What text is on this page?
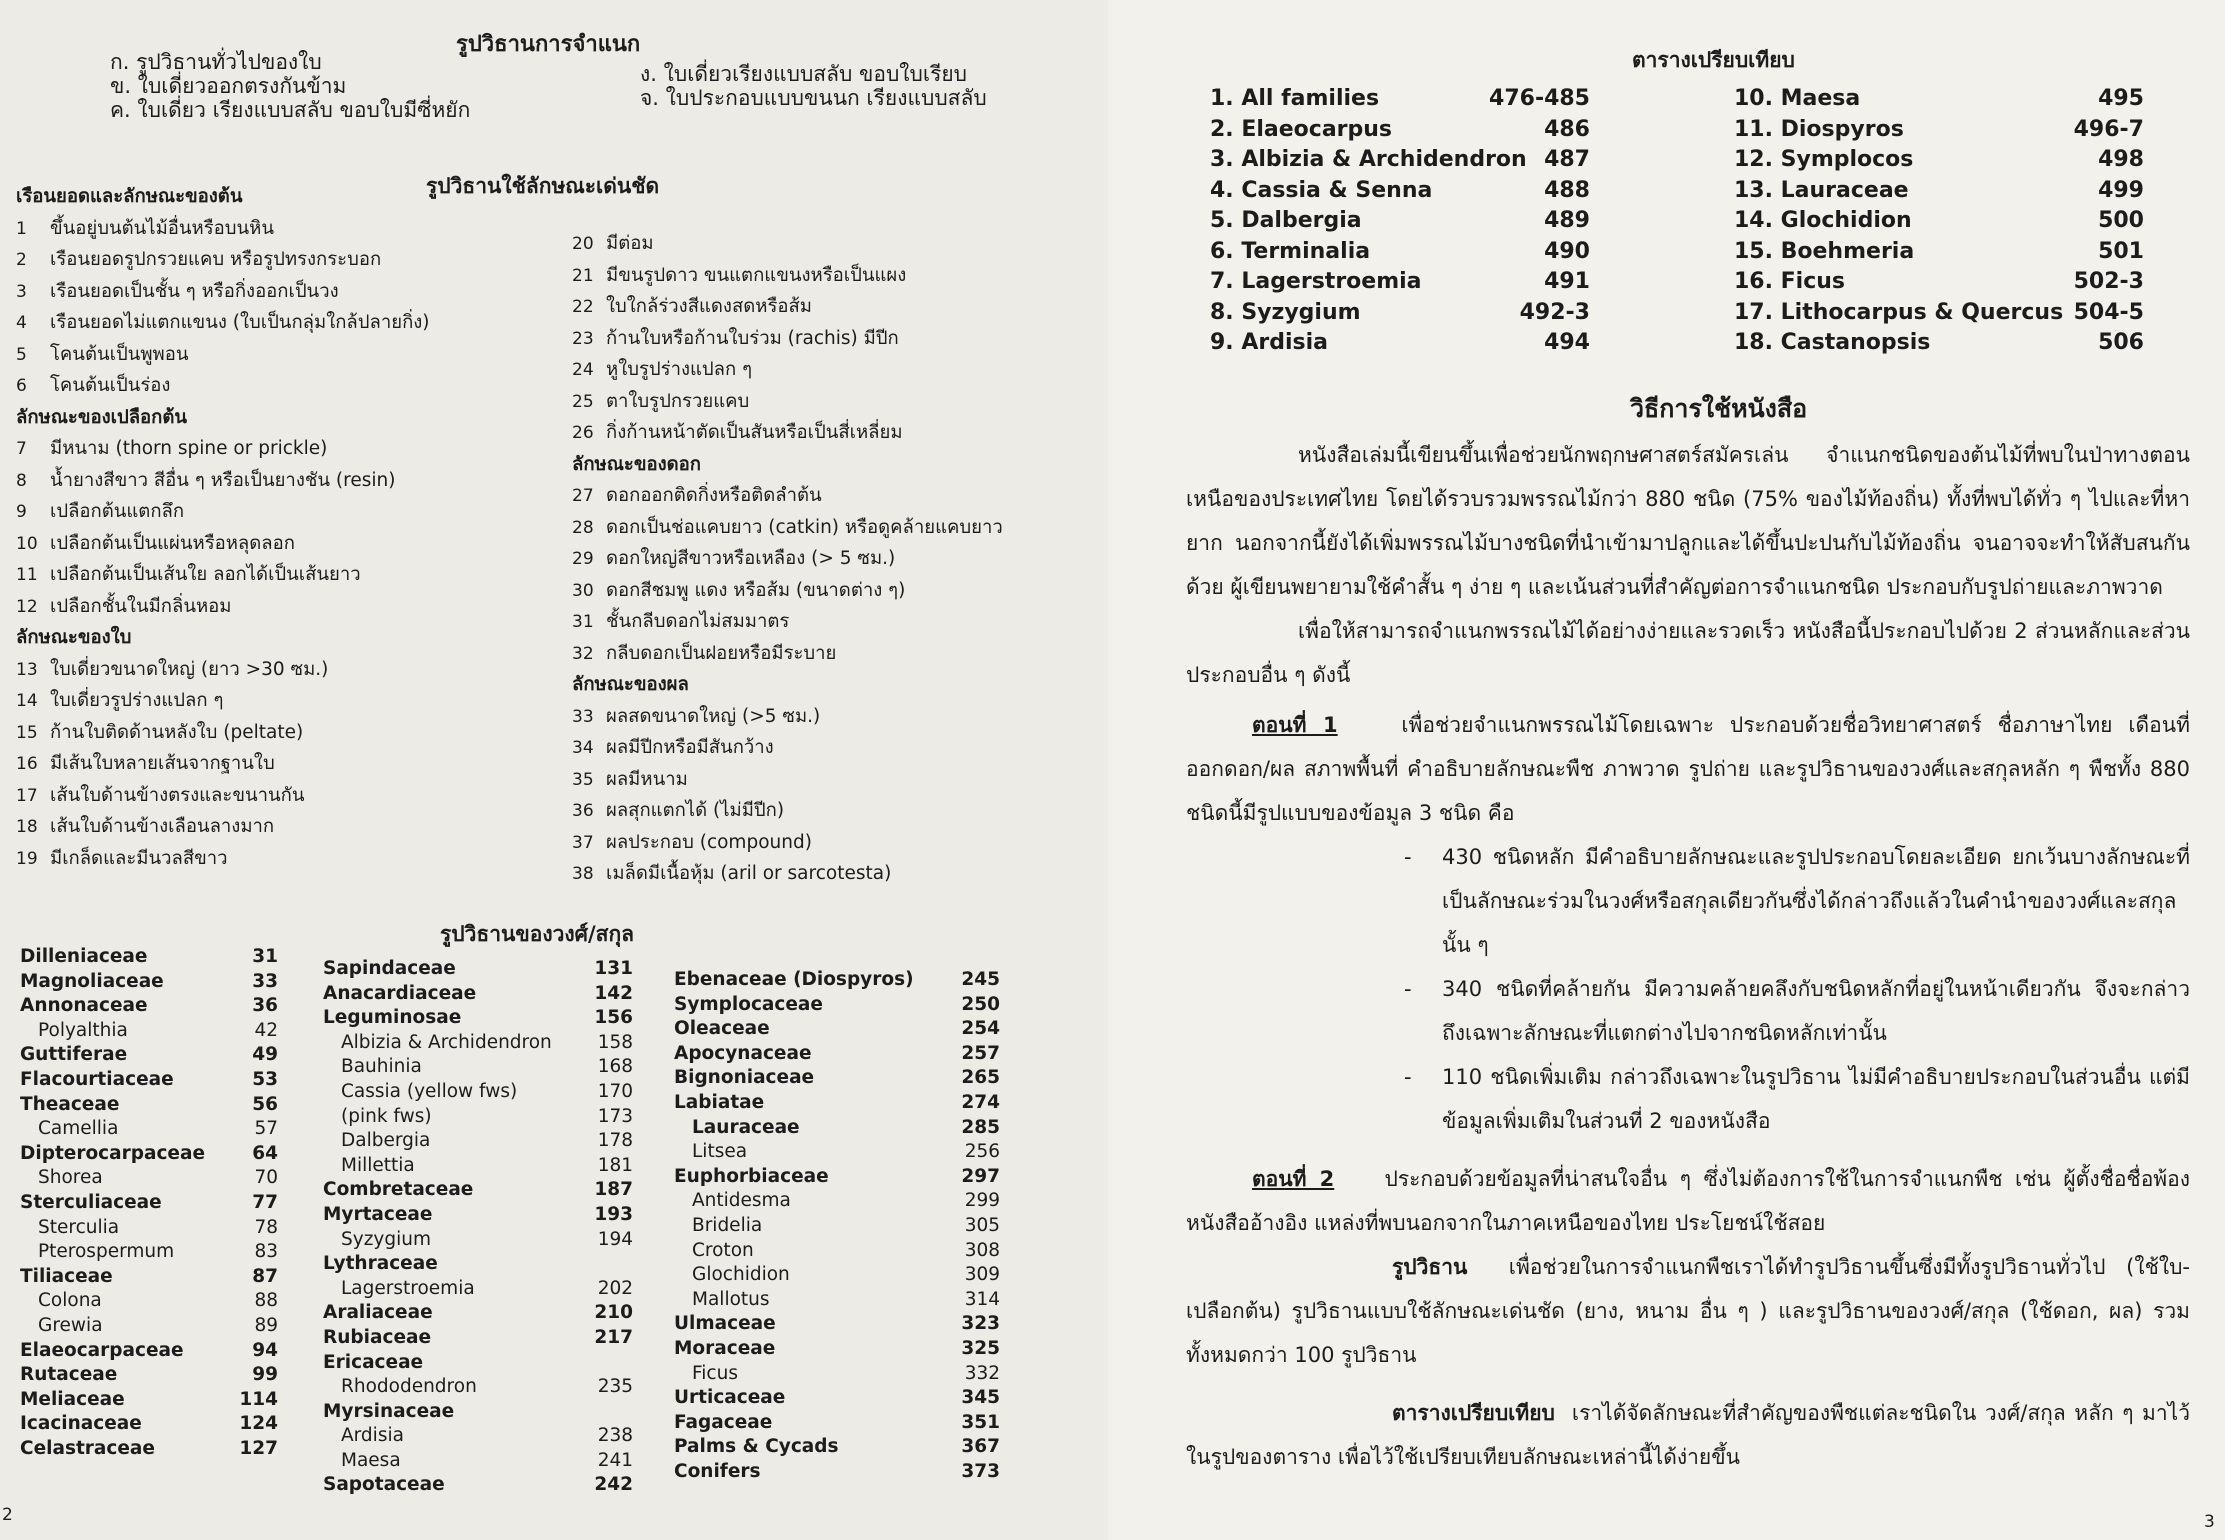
รูปวิธานการจำแนก
ก. รูปวิธานทั่วไปของใบ
ข. ใบเดี่ยวออกตรงกันข้าม
ค. ใบเดี่ยว เรียงแบบสลับ ขอบใบมีซี่หยัก
ง. ใบเดี่ยวเรียงแบบสลับ ขอบใบเรียบ
จ. ใบประกอบแบบขนนก เรียงแบบสลับ
รูปวิธานใช้ลักษณะเด่นชัด
เรือนยอดและลักษณะของต้น
1 ขึ้นอยู่บนต้นไม้อื่นหรือบนหิน
2 เรือนยอดรูปกรวยแคบ หรือรูปทรงกระบอก
3 เรือนยอดเป็นชั้น ๆ หรือกิ่งออกเป็นวง
4 เรือนยอดไม่แตกแขนง (ใบเป็นกลุ่มใกล้ปลายกิ่ง)
5 โคนต้นเป็นพูพอน
6 โคนต้นเป็นร่อง
ลักษณะของเปลือกต้น
7 มีหนาม (thorn spine or prickle)
8 น้ำยางสีขาว สีอื่น ๆ หรือเป็นยางชัน (resin)
9 เปลือกต้นแตกลึก
10 เปลือกต้นเป็นแผ่นหรือหลุดลอก
11 เปลือกต้นเป็นเส้นใย ลอกได้เป็นเส้นยาว
12 เปลือกชั้นในมีกลิ่นหอม
ลักษณะของใบ
13 ใบเดี่ยวขนาดใหญ่ (ยาว >30 ซม.)
14 ใบเดี่ยวรูปร่างแปลก ๆ
15 ก้านใบติดด้านหลังใบ (peltate)
16 มีเส้นใบหลายเส้นจากฐานใบ
17 เส้นใบด้านข้างตรงและขนานกัน
18 เส้นใบด้านข้างเลือนลางมาก
19 มีเกล็ดและมีนวลสีขาว
20 มีต่อม
21 มีขนรูปดาว ขนแตกแขนงหรือเป็นแผง
22 ใบใกล้ร่วงสีแดงสดหรือส้ม
23 ก้านใบหรือก้านใบร่วม (rachis) มีปีก
24 หูใบรูปร่างแปลก ๆ
25 ตาใบรูปกรวยแคบ
26 กิ่งก้านหน้าตัดเป็นสันหรือเป็นสี่เหลี่ยม
ลักษณะของดอก
27 ดอกออกติดกิ่งหรือติดลำต้น
28 ดอกเป็นช่อแคบยาว (catkin) หรือดูคล้ายแคบยาว
29 ดอกใหญ่สีขาวหรือเหลือง (> 5 ซม.)
30 ดอกสีชมพู แดง หรือส้ม (ขนาดต่าง ๆ)
31 ชั้นกลีบดอกไม่สมมาตร
32 กลีบดอกเป็นฝอยหรือมีระบาย
ลักษณะของผล
33 ผลสดขนาดใหญ่ (>5 ซม.)
34 ผลมีปีกหรือมีสันกว้าง
35 ผลมีหนาม
36 ผลสุกแตกได้ (ไม่มีปีก)
37 ผลประกอบ (compound)
38 เมล็ดมีเนื้อหุ้ม (aril or sarcotesta)
รูปวิธานของวงศ์/สกุล
Dilleniaceae	31
Magnoliaceae	33
Annonaceae	36
Polyalthia	42
Guttiferae	49
Flacourtiaceae	53
Theaceae	56
Camellia	57
Dipterocarpaceae	64
Shorea	70
Sterculiaceae	77
Sterculia	78
Pterospermum	83
Tiliaceae	87
Colona	88
Grewia	89
Elaeocarpaceae	94
Rutaceae	99
Meliaceae	114
Icacinaceae	124
Celastraceae	127
Sapindaceae	131
Anacardiaceae	142
Leguminosae	156
Albizia & Archidendron 158
Bauhinia	168
Cassia (yellow fws)	170
(pink fws)	173
Dalbergia	178
Millettia	181
Combretaceae	187
Myrtaceae	193
Syzygium	194
Lythraceae
Lagerstroemia	202
Araliaceae	210
Rubiaceae	217
Ericaceae
Rhododendron	235
Myrsinaceae
Ardisia	238
Maesa	241
Sapotaceae	242
Ebenaceae (Diospyros)	245
Symplocaceae	250
Oleaceae	254
Apocynaceae	257
Bignoniaceae	265
Labiatae	274
Lauraceae	285
Litsea	256
Euphorbiaceae	297
Antidesma	299
Bridelia	305
Croton	308
Glochidion	309
Mallotus	314
Ulmaceae	323
Moraceae	325
Ficus	332
Urticaceae	345
Fagaceae	351
Palms & Cycads	367
Conifers	373
2
ตารางเปรียบเทียบ
1. All families	476-485
2. Elaeocarpus	486
3. Albizia & Archidendron 487
4. Cassia & Senna	488
5. Dalbergia	489
6. Terminalia	490
7. Lagerstroemia	491
8. Syzygium	492-3
9. Ardisia	494
10. Maesa	495
11. Diospyros	496-7
12. Symplocos	498
13. Lauraceae	499
14. Glochidion	500
15. Boehmeria	501
16. Ficus	502-3
17. Lithocarpus & Quercus 504-5
18. Castanopsis	506
วิธีการใช้หนังสือ
หนังสือเล่มนี้เขียนขึ้นเพื่อช่วยนักพฤกษศาสตร์สมัครเล่น จำแนกชนิดของต้นไม้ที่พบในป่าทางตอนเหนือของประเทศไทย โดยได้รวบรวมพรรณไม้กว่า 880 ชนิด (75% ของไม้ท้องถิ่น) ทั้งที่พบได้ทั่ว ๆ ไปและที่หายาก นอกจากนี้ยังได้เพิ่มพรรณไม้บางชนิดที่นำเข้ามาปลูกและได้ขึ้นปะปนกับไม้ท้องถิ่น จนอาจจะทำให้สับสนกันด้วย ผู้เขียนพยายามใช้คำสั้น ๆ ง่าย ๆ และเน้นส่วนที่สำคัญต่อการจำแนกชนิด ประกอบกับรูปถ่ายและภาพวาด
เพื่อให้สามารถจำแนกพรรณไม้ได้อย่างง่ายและรวดเร็ว หนังสือนี้ประกอบไปด้วย 2 ส่วนหลักและส่วนประกอบอื่น ๆ ดังนี้
ตอนที่ 1	เพื่อช่วยจำแนกพรรณไม้โดยเฉพาะ ประกอบด้วยชื่อวิทยาศาสตร์ ชื่อภาษาไทย เดือนที่ออกดอก/ผล สภาพพื้นที่ คำอธิบายลักษณะพืช ภาพวาด รูปถ่าย และรูปวิธานของวงศ์และสกุลหลัก ๆ พืชทั้ง 880 ชนิดนี้มีรูปแบบของข้อมูล 3 ชนิด คือ
- 430 ชนิดหลัก มีคำอธิบายลักษณะและรูปประกอบโดยละเอียด ยกเว้นบางลักษณะที่เป็นลักษณะร่วมในวงศ์หรือสกุลเดียวกันซึ่งได้กล่าวถึงแล้วในคำนำของวงศ์และสกุลนั้น ๆ
- 340 ชนิดที่คล้ายกัน มีความคล้ายคลึงกับชนิดหลักที่อยู่ในหน้าเดียวกัน จึงจะกล่าวถึงเฉพาะลักษณะที่แตกต่างไปจากชนิดหลักเท่านั้น
- 110 ชนิดเพิ่มเติม กล่าวถึงเฉพาะในรูปวิธาน ไม่มีคำอธิบายประกอบในส่วนอื่น แต่มีข้อมูลเพิ่มเติมในส่วนที่ 2 ของหนังสือ
ตอนที่ 2 ประกอบด้วยข้อมูลที่น่าสนใจอื่น ๆ ซึ่งไม่ต้องการใช้ในการจำแนกพืช เช่น ผู้ตั้งชื่อชื่อพ้อง หนังสืออ้างอิง แหล่งที่พบนอกจากในภาคเหนือของไทย ประโยชน์ใช้สอย
รูปวิธาน เพื่อช่วยในการจำแนกพืชเราได้ทำรูปวิธานขึ้นซึ่งมีทั้งรูปวิธานทั่วไป (ใช้ใบ-เปลือกต้น) รูปวิธานแบบใช้ลักษณะเด่นชัด (ยาง, หนาม อื่น ๆ ) และรูปวิธานของวงศ์/สกุล (ใช้ดอก, ผล) รวมทั้งหมดกว่า 100 รูปวิธาน
ตารางเปรียบเทียบ เราได้จัดลักษณะที่สำคัญของพืชแต่ละชนิดใน วงศ์/สกุล หลัก ๆ มาไว้ในรูปของตาราง เพื่อไว้ใช้เปรียบเทียบลักษณะเหล่านี้ได้ง่ายขึ้น
3
